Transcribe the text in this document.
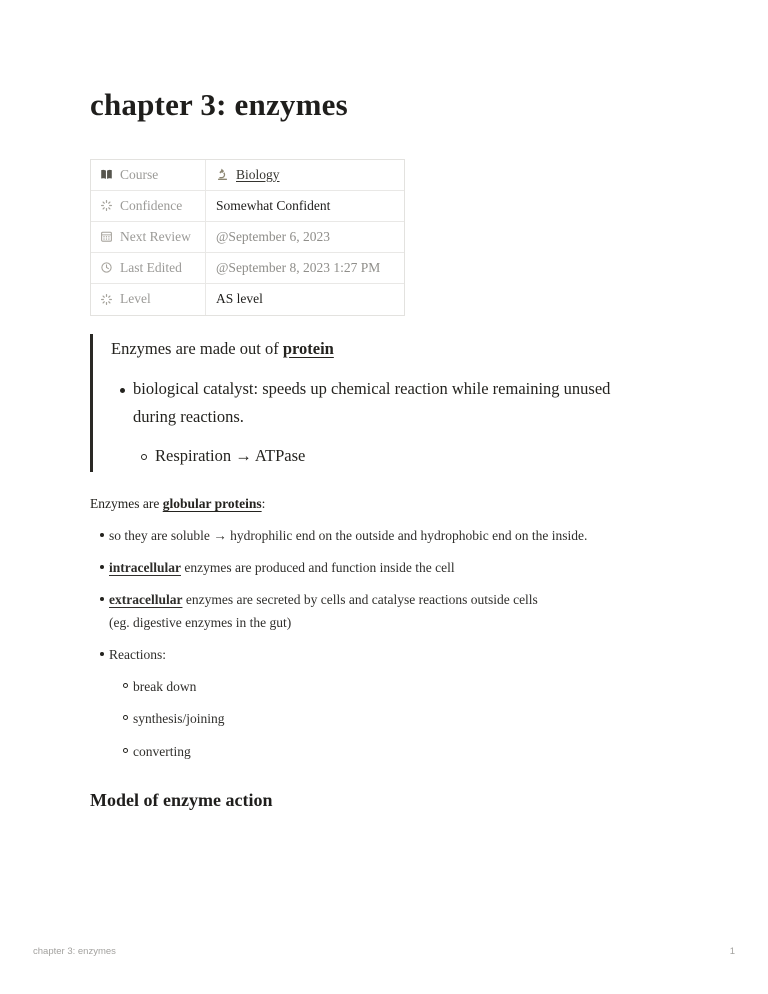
chapter 3: enzymes
Course	Biology
Confidence	Somewhat Confident
Next Review @September 6, 2023
Last Edited	@September 8, 2023 1:27 PM
Level	AS level

Enzymes are made out of protein

biological catalyst: speeds up chemical reaction while remaining unused during reactions.
Respiration → ATPase

Enzymes are globular proteins:

so they are soluble → hydrophilic end on the outside and hydrophobic end on the inside.
intracellular enzymes are produced and function inside the cell
extracellular enzymes are secreted by cells and catalyse reactions outside cells
(eg. digestive enzymes in the gut)
Reactions:
break down
synthesis/joining
converting
Model of enzyme action
chapter 3: enzymes	1
